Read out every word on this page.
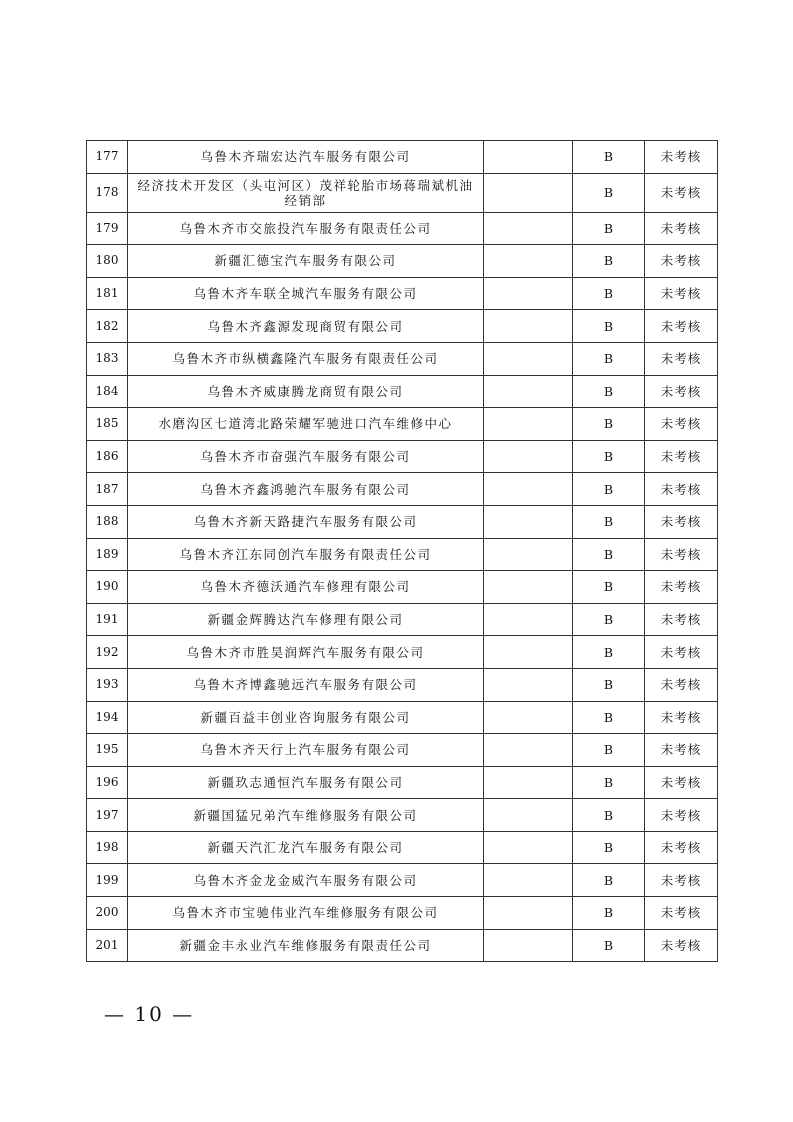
177	乌鲁木齐瑞宏达汽车服务有限公司		B	未考核
178	经济技术开发区（头屯河区）茂祥轮胎市场蒋瑞斌机油经销部		B	未考核
179	乌鲁木齐市交旅投汽车服务有限责任公司		B	未考核
180	新疆汇德宝汽车服务有限公司		B	未考核
181	乌鲁木齐车联全城汽车服务有限公司		B	未考核
182	乌鲁木齐鑫源发现商贸有限公司		B	未考核
183	乌鲁木齐市纵横鑫隆汽车服务有限责任公司		B	未考核
184	乌鲁木齐威康腾龙商贸有限公司		B	未考核
185	水磨沟区七道湾北路荣耀军驰进口汽车维修中心		B	未考核
186	乌鲁木齐市奋强汽车服务有限公司		B	未考核
187	乌鲁木齐鑫鸿驰汽车服务有限公司		B	未考核
188	乌鲁木齐新天路捷汽车服务有限公司		B	未考核
189	乌鲁木齐江东同创汽车服务有限责任公司		B	未考核
190	乌鲁木齐德沃通汽车修理有限公司		B	未考核
191	新疆金辉腾达汽车修理有限公司		B	未考核
192	乌鲁木齐市胜昊润辉汽车服务有限公司		B	未考核
193	乌鲁木齐博鑫驰远汽车服务有限公司		B	未考核
194	新疆百益丰创业咨询服务有限公司		B	未考核
195	乌鲁木齐天行上汽车服务有限公司		B	未考核
196	新疆玖志通恒汽车服务有限公司		B	未考核
197	新疆国猛兄弟汽车维修服务有限公司		B	未考核
198	新疆天汽汇龙汽车服务有限公司		B	未考核
199	乌鲁木齐金龙金威汽车服务有限公司		B	未考核
200	乌鲁木齐市宝驰伟业汽车维修服务有限公司		B	未考核
201	新疆金丰永业汽车维修服务有限责任公司		B	未考核
— 10 —
